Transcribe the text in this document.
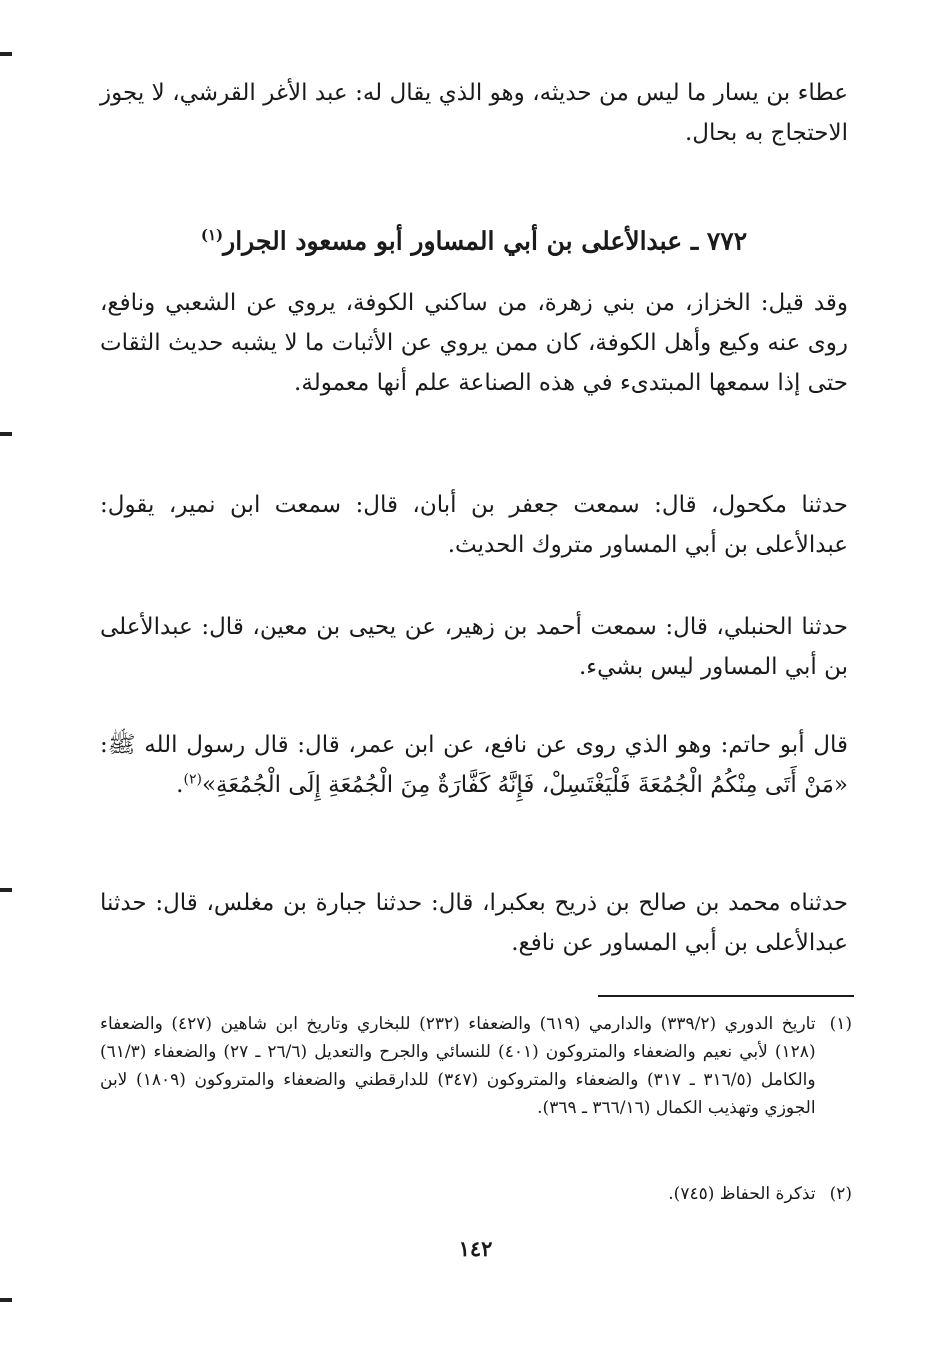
عطاء بن يسار ما ليس من حديثه، وهو الذي يقال له: عبد الأغر القرشي، لا يجوز الاحتجاج به بحال.
٧٧٢ ـ عبدالأعلى بن أبي المساور أبو مسعود الجرار$^{(١)}$
وقد قيل: الخزاز، من بني زهرة، من ساكني الكوفة، يروي عن الشعبي ونافع، روى عنه وكيع وأهل الكوفة، كان ممن يروي عن الأثبات ما لا يشبه حديث الثقات حتى إذا سمعها المبتدىء في هذه الصناعة علم أنها معمولة.
حدثنا مكحول، قال: سمعت جعفر بن أبان، قال: سمعت ابن نمير، يقول: عبدالأعلى بن أبي المساور متروك الحديث.
حدثنا الحنبلي، قال: سمعت أحمد بن زهير، عن يحيى بن معين، قال: عبدالأعلى بن أبي المساور ليس بشيء.
قال أبو حاتم: وهو الذي روى عن نافع، عن ابن عمر، قال: قال رسول الله ﷺ: «مَنْ أَتَى مِنْكُمُ الْجُمُعَةَ فَلْيَغْتَسِلْ، فَإِنَّهُ كَفَّارَةٌ مِنَ الْجُمُعَةِ إِلَى الْجُمُعَةِ»$^{(٢)}$.
حدثناه محمد بن صالح بن ذريح بعكبرا، قال: حدثنا جبارة بن مغلس، قال: حدثنا عبدالأعلى بن أبي المساور عن نافع.
(١)
تاريخ الدوري (٣٣٩/٢) والدارمي (٦١٩) والضعفاء (٢٣٢) للبخاري وتاريخ ابن شاهين (٤٢٧) والضعفاء (١٢٨) لأبي نعيم والضعفاء والمتروكون (٤٠١) للنسائي والجرح والتعديل (٢٦/٦ ـ ٢٧) والضعفاء (٦١/٣) والكامل (٣١٦/٥ ـ ٣١٧) والضعفاء والمتروكون (٣٤٧) للدارقطني والضعفاء والمتروكون (١٨٠٩) لابن الجوزي وتهذيب الكمال (٣٦٦/١٦ ـ ٣٦٩).
(٢)
تذكرة الحفاظ (٧٤٥).
١٤٢
